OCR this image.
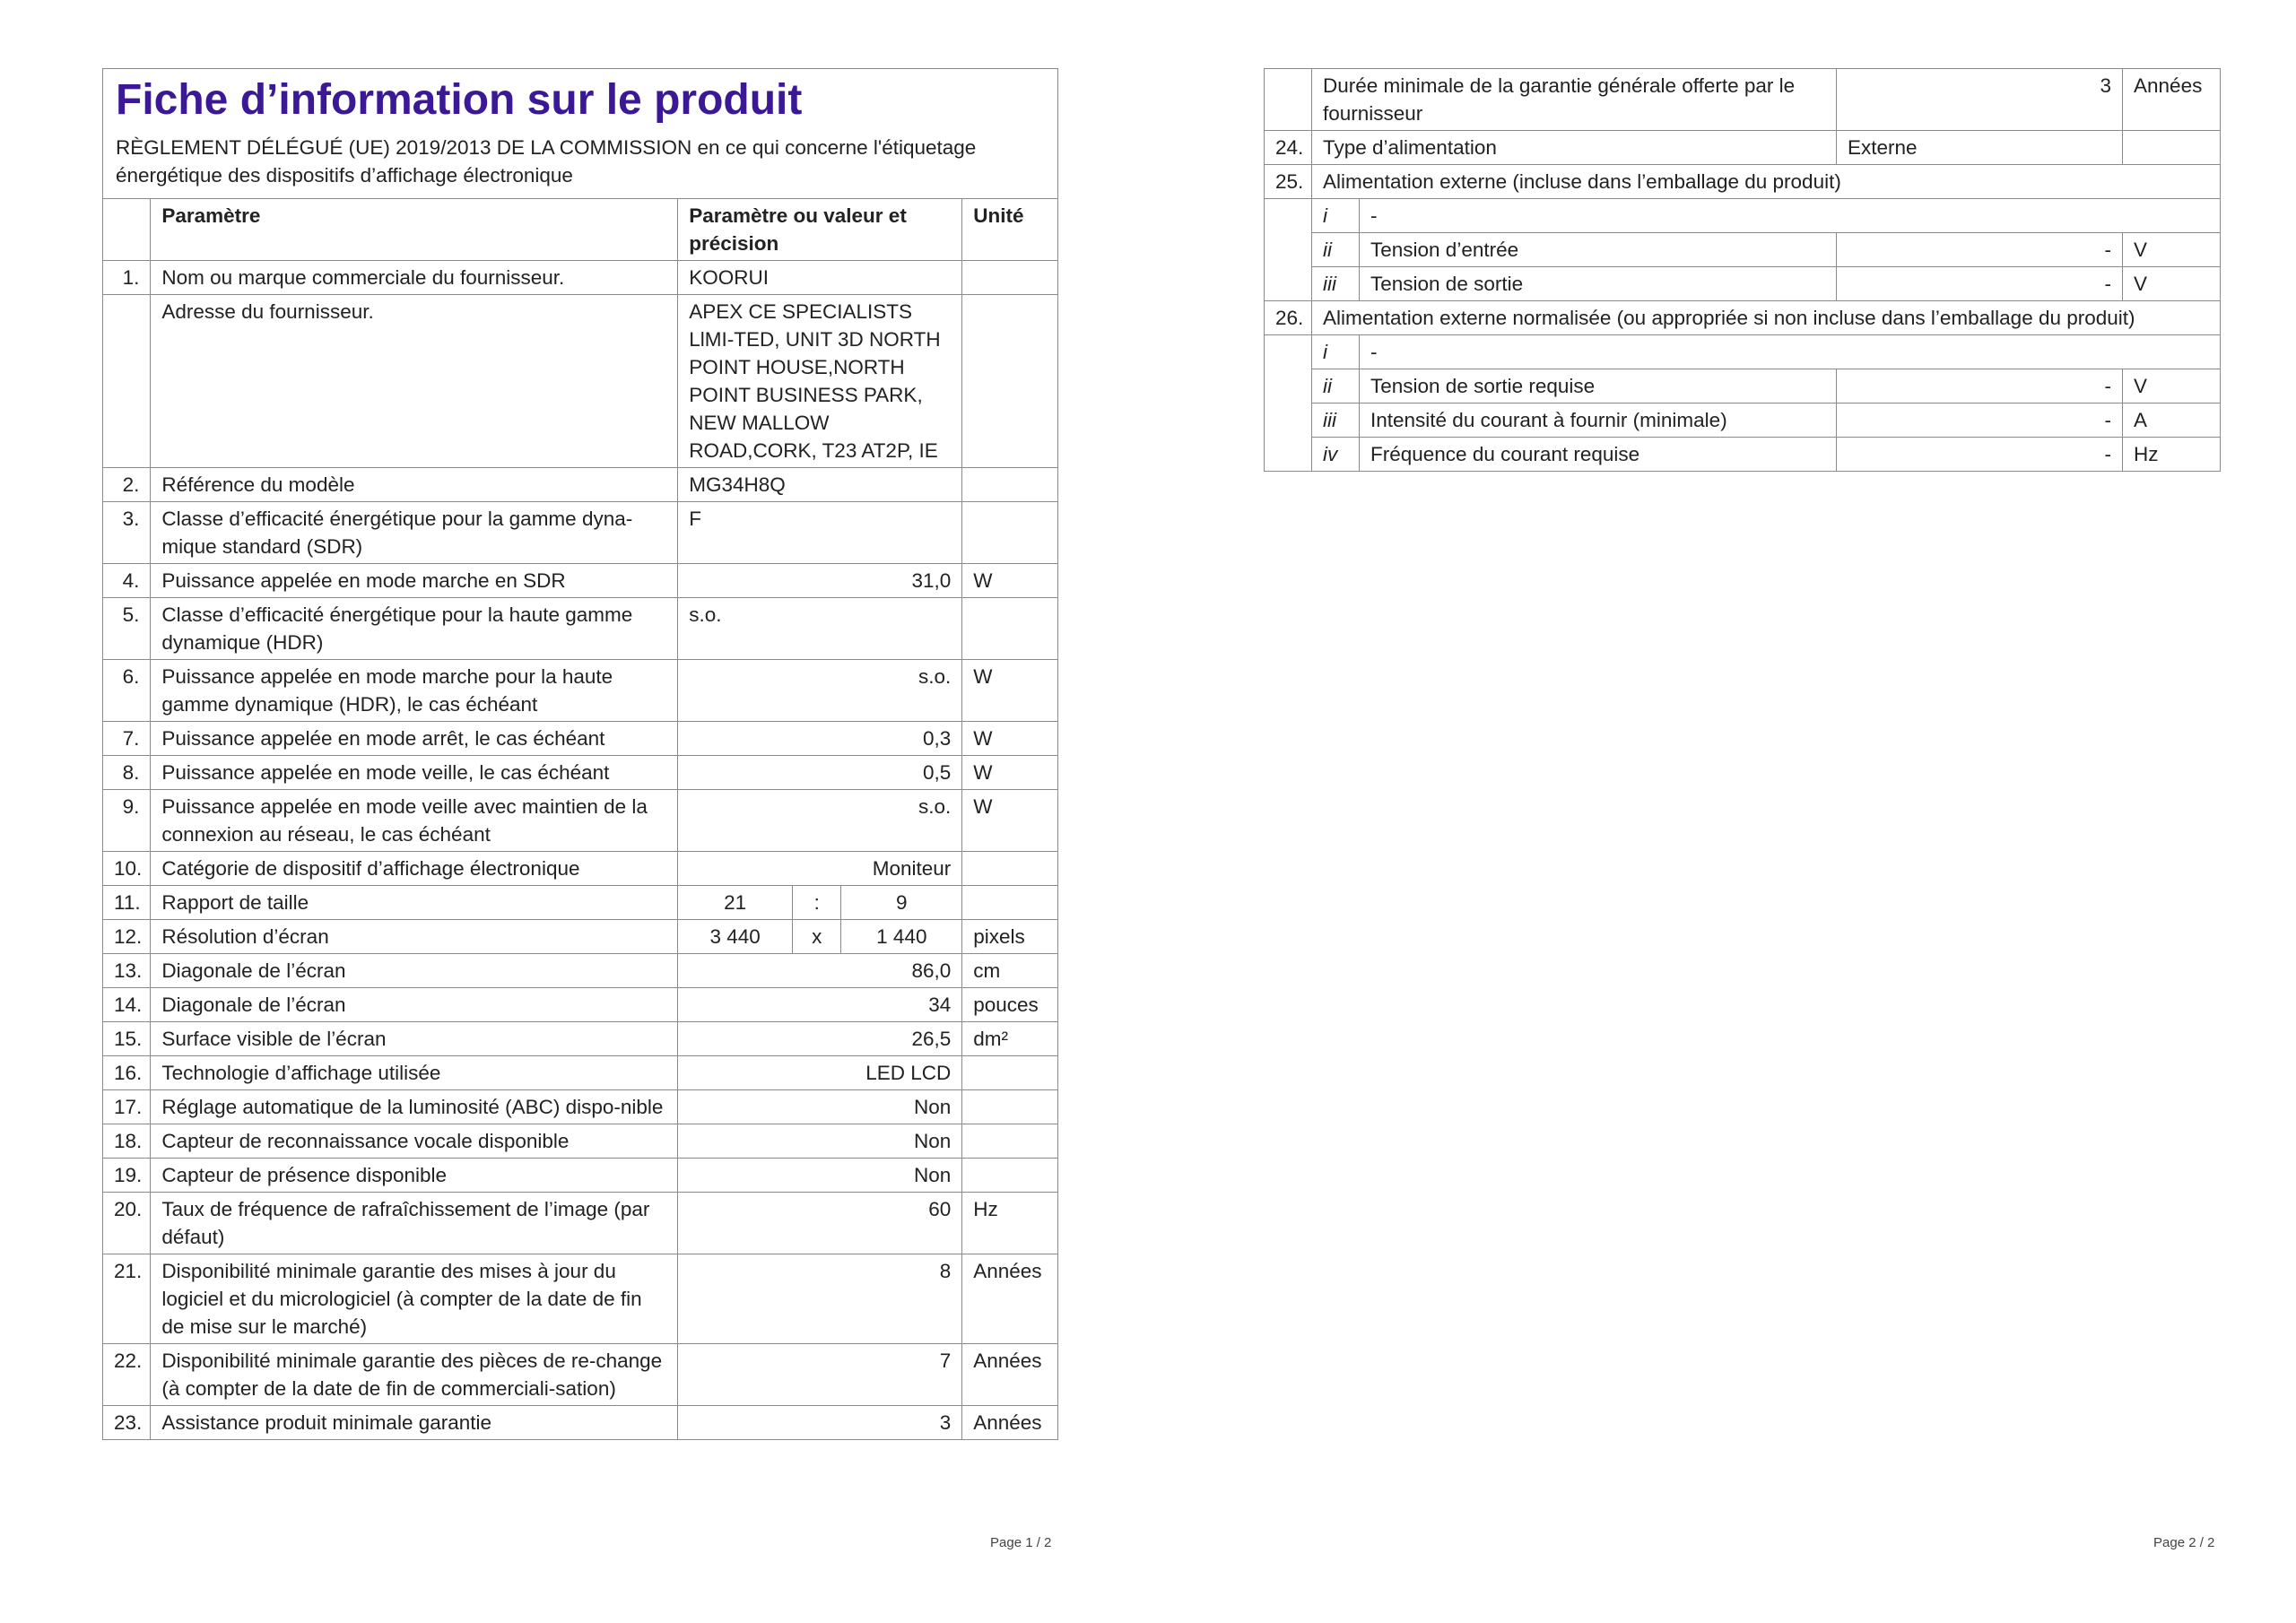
Fiche d’information sur le produit
RÈGLEMENT DÉLÉGUÉ (UE) 2019/2013 DE LA COMMISSION en ce qui concerne l'étiquetage énergétique des dispositifs d’affichage électronique					

	Paramètre	Paramètre ou valeur et précision			Unité
1.	Nom ou marque commerciale du fournisseur.	KOORUI			
	Adresse du fournisseur.	APEX CE SPECIALISTS LlMI-TED, UNIT 3D NORTH POINT HOUSE,NORTH POINT BUSINESS PARK, NEW MALLOW ROAD,CORK, T23 AT2P, IE			
2.	Référence du modèle	MG34H8Q			
3.	Classe d’efficacité énergétique pour la gamme dyna-mique standard (SDR)	F			
4.	Puissance appelée en mode marche en SDR	31,0			W
5.	Classe d’efficacité énergétique pour la haute gamme dynamique (HDR)	s.o.			
6.	Puissance appelée en mode marche pour la haute gamme dynamique (HDR), le cas échéant	s.o.			W
7.	Puissance appelée en mode arrêt, le cas échéant	0,3			W
8.	Puissance appelée en mode veille, le cas échéant	0,5			W
9.	Puissance appelée en mode veille avec maintien de la connexion au réseau, le cas échéant	s.o.			W
10.	Catégorie de dispositif d’affichage électronique	Moniteur			
11.	Rapport de taille	21	:	9	
12.	Résolution d’écran	3 440	x	1 440	pixels
13.	Diagonale de l’écran	86,0			cm
14.	Diagonale de l’écran	34			pouces
15.	Surface visible de l’écran	26,5			dm²
16.	Technologie d’affichage utilisée	LED LCD			
17.	Réglage automatique de la luminosité (ABC) dispo-nible	Non			
18.	Capteur de reconnaissance vocale disponible	Non			
19.	Capteur de présence disponible	Non			
20.	Taux de fréquence de rafraîchissement de l’image (par défaut)	60			Hz
21.	Disponibilité minimale garantie des mises à jour du logiciel et du micrologiciel (à compter de la date de fin de mise sur le marché)	8			Années
22.	Disponibilité minimale garantie des pièces de re-change (à compter de la date de fin de commerciali-sation)	7			Années
23.	Assistance produit minimale garantie	3			Années
Page 1 / 2
	Durée minimale de la garantie générale offerte par le fournisseur		3	Années
24.	Type d’alimentation		Externe	
25.	Alimentation externe (incluse dans l’emballage du produit)			
	i	-		
	ii	Tension d’entrée	-	V
	iii	Tension de sortie	-	V
26.	Alimentation externe normalisée (ou appropriée si non incluse dans l’emballage du produit)			
	i	-		
	ii	Tension de sortie requise	-	V
	iii	Intensité du courant à fournir (minimale)	-	A
	iv	Fréquence du courant requise	-	Hz
Page 2 / 2
